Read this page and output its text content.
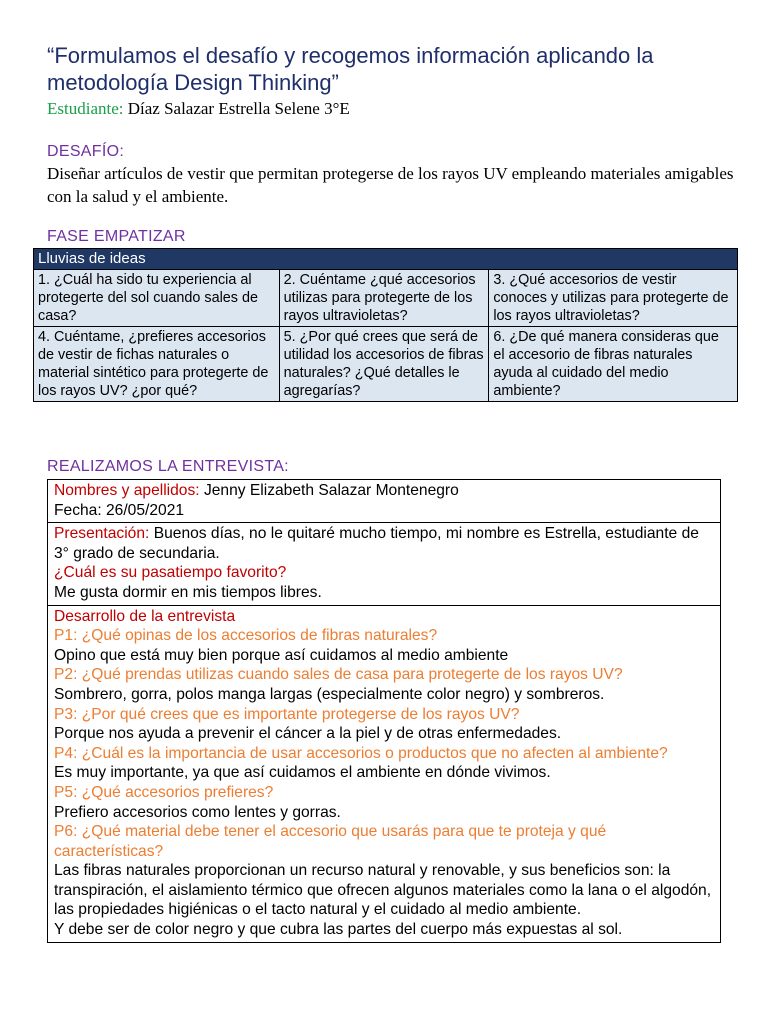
“Formulamos el desafío y recogemos información aplicando la metodología Design Thinking”
Estudiante: Díaz Salazar Estrella Selene 3°E
DESAFÍO:
Diseñar artículos de vestir que permitan protegerse de los rayos UV empleando materiales amigables con la salud y el ambiente.
FASE EMPATIZAR
Lluvias de ideas		
1. ¿Cuál ha sido tu experiencia al protegerte del sol cuando sales de casa?	2. Cuéntame ¿qué accesorios utilizas para protegerte de los rayos ultravioletas?	3. ¿Qué accesorios de vestir conoces y utilizas para protegerte de los rayos ultravioletas?
4. Cuéntame, ¿prefieres accesorios de vestir de fichas naturales o material sintético para protegerte de los rayos UV? ¿por qué?	5. ¿Por qué crees que será de utilidad los accesorios de fibras naturales? ¿Qué detalles le agregarías?	6. ¿De qué manera consideras que el accesorio de fibras naturales ayuda al cuidado del medio ambiente?
REALIZAMOS LA ENTREVISTA:
Nombres y apellidos: Jenny Elizabeth Salazar Montenegro
Fecha: 26/05/2021

Presentación: Buenos días, no le quitaré mucho tiempo, mi nombre es Estrella, estudiante de 3° grado de secundaria.
¿Cuál es su pasatiempo favorito?
Me gusta dormir en mis tiempos libres.

Desarrollo de la entrevista
P1: ¿Qué opinas de los accesorios de fibras naturales?
Opino que está muy bien porque así cuidamos al medio ambiente
P2: ¿Qué prendas utilizas cuando sales de casa para protegerte de los rayos UV?
Sombrero, gorra, polos manga largas (especialmente color negro) y sombreros.
P3: ¿Por qué crees que es importante protegerse de los rayos UV?
Porque nos ayuda a prevenir el cáncer a la piel y de otras enfermedades.
P4: ¿Cuál es la importancia de usar accesorios o productos que no afecten al ambiente?
Es muy importante, ya que así cuidamos el ambiente en dónde vivimos.
P5: ¿Qué accesorios prefieres?
Prefiero accesorios como lentes y gorras.
P6: ¿Qué material debe tener el accesorio que usarás para que te proteja y qué características?
Las fibras naturales proporcionan un recurso natural y renovable, y sus beneficios son: la transpiración, el aislamiento térmico que ofrecen algunos materiales como la lana o el algodón, las propiedades higiénicas o el tacto natural y el cuidado al medio ambiente.
Y debe ser de color negro y que cubra las partes del cuerpo más expuestas al sol.
